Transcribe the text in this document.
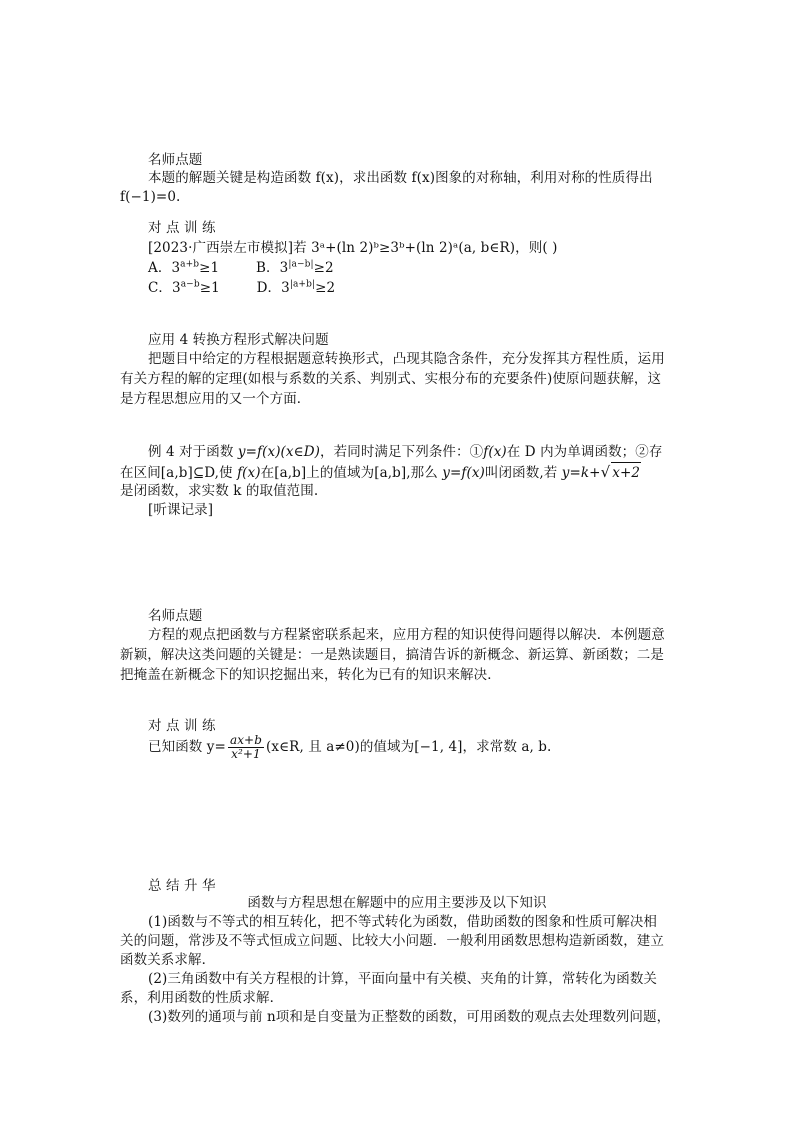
名师点题
本题的解题关键是构造函数 f(x)，求出函数 f(x)图象的对称轴，利用对称的性质得出
f(−1)=0.
对 点 训 练
[2023·广西崇左市模拟]若 3ᵃ+(ln 2)ᵇ≥3ᵇ+(ln 2)ᵃ(a, b∈R)，则( )
A．$3^{a+b}\ge 1$	B．$3^{|a-b|}\ge 2$
C．$3^{a-b}\ge 1$	D．$3^{|a+b|}\ge 2$
应用 4 转换方程形式解决问题
把题目中给定的方程根据题意转换形式，凸现其隐含条件，充分发挥其方程性质，运用
有关方程的解的定理(如根与系数的关系、判别式、实根分布的充要条件)使原问题获解，这
是方程思想应用的又一个方面．
例 4 对于函数 y=f(x)(x∈D)，若同时满足下列条件：①f(x)在 D 内为单调函数；②存
在区间[a,b]⊆D,使 f(x)在[a,b]上的值域为[a,b],那么 y=f(x)叫闭函数,若 y=k+√ x+2
是闭函数，求实数 k 的取值范围.
[听课记录]
名师点题
方程的观点把函数与方程紧密联系起来，应用方程的知识使得问题得以解决．本例题意
新颖，解决这类问题的关键是：一是熟读题目，搞清告诉的新概念、新运算、新函数；二是
把掩盖在新概念下的知识挖掘出来，转化为已有的知识来解决．
对 点 训 练
已知函数 $y= \frac{ax+b}{\text{x²+1}}$ (x∈R, 且 a≠0)的值域为[−1, 4]，求常数 a, b.
总 结 升 华
函数与方程思想在解题中的应用主要涉及以下知识
(1)函数与不等式的相互转化，把不等式转化为函数，借助函数的图象和性质可解决相
关的问题，常涉及不等式恒成立问题、比较大小问题．一般利用函数思想构造新函数，建立
函数关系求解．
(2)三角函数中有关方程根的计算，平面向量中有关模、夹角的计算，常转化为函数关
系，利用函数的性质求解．
(3)数列的通项与前 n项和是自变量为正整数的函数，可用函数的观点去处理数列问题，
